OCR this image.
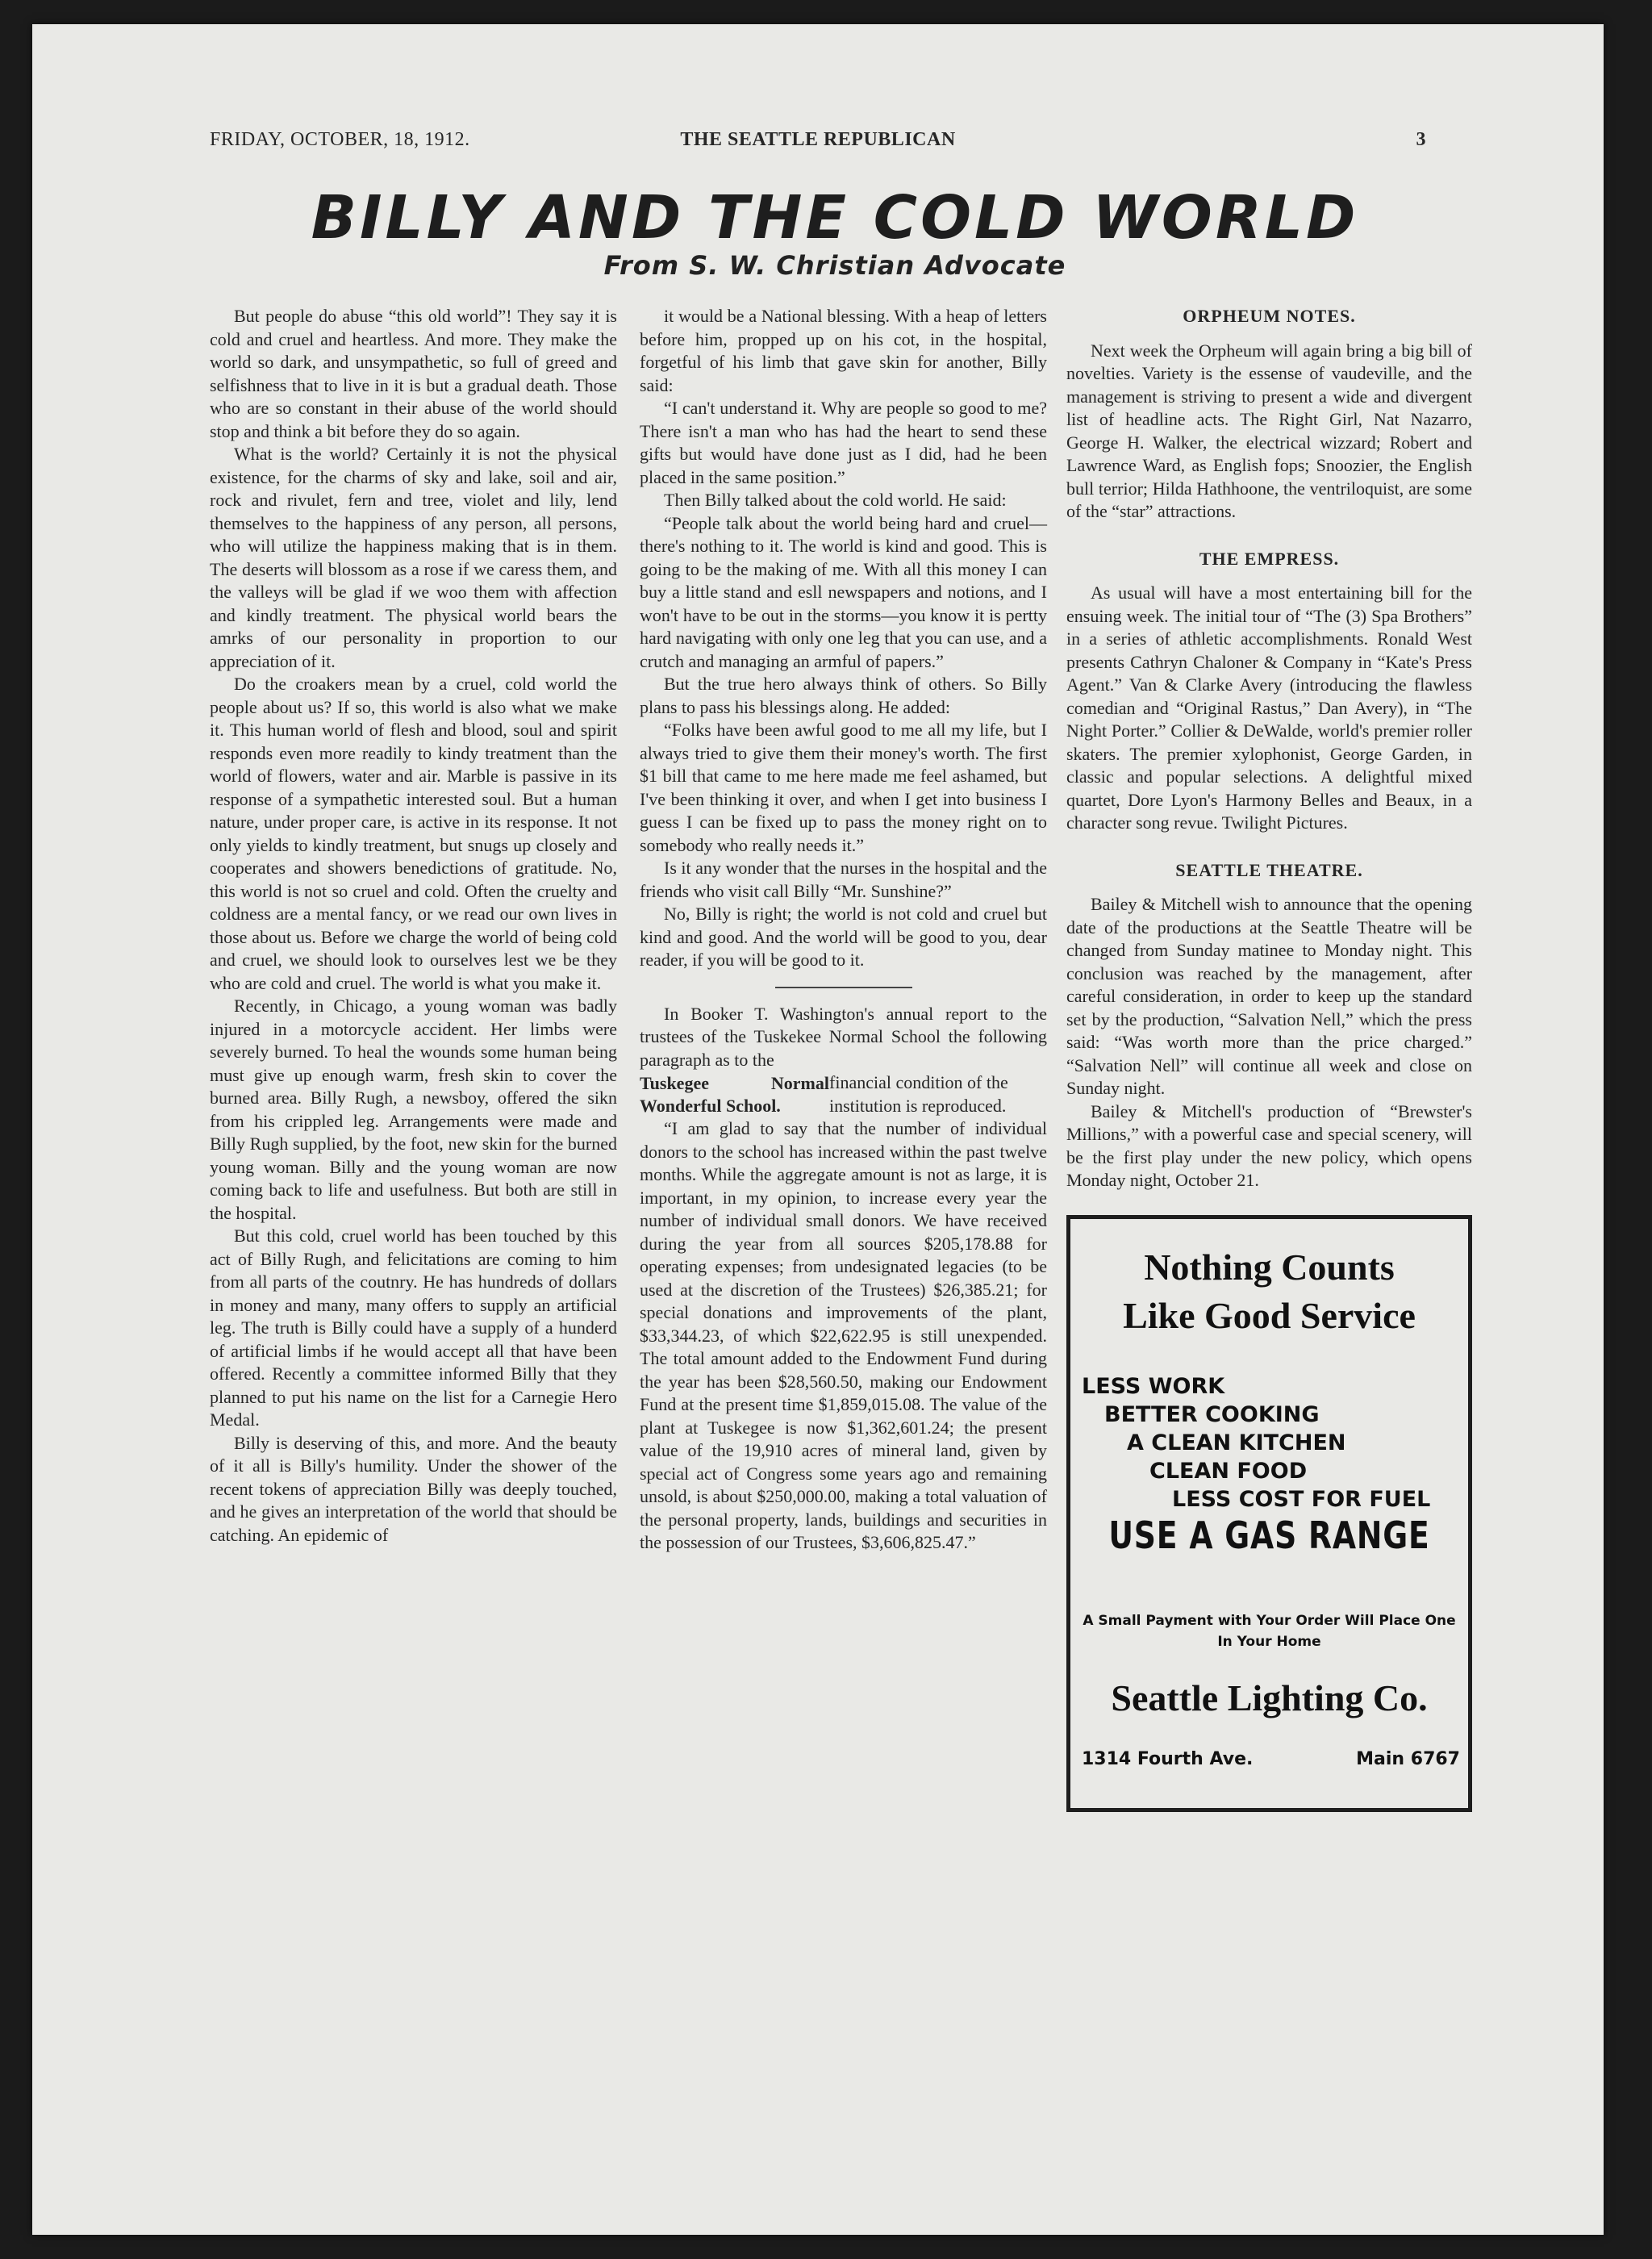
FRIDAY, OCTOBER, 18, 1912.	THE SEATTLE REPUBLICAN	3
BILLY AND THE COLD WORLD
From S. W. Christian Advocate

But people do abuse “this old world”! They say it is cold and cruel and heartless. And more. They make the world so dark, and unsympathetic, so full of greed and selfishness that to live in it is but a gradual death. Those who are so constant in their abuse of the world should stop and think a bit before they do so again.

What is the world? Certainly it is not the physical existence, for the charms of sky and lake, soil and air, rock and rivulet, fern and tree, violet and lily, lend themselves to the happiness of any person, all persons, who will utilize the happiness making that is in them. The deserts will blossom as a rose if we caress them, and the valleys will be glad if we woo them with affection and kindly treatment. The physical world bears the amrks of our personality in proportion to our appreciation of it.

Do the croakers mean by a cruel, cold world the people about us? If so, this world is also what we make it. This human world of flesh and blood, soul and spirit responds even more readily to kindy treatment than the world of flowers, water and air. Marble is passive in its response of a sympathetic interested soul. But a human nature, under proper care, is active in its response. It not only yields to kindly treatment, but snugs up closely and cooperates and showers benedictions of gratitude. No, this world is not so cruel and cold. Often the cruelty and coldness are a mental fancy, or we read our own lives in those about us. Before we charge the world of being cold and cruel, we should look to ourselves lest we be they who are cold and cruel. The world is what you make it.

Recently, in Chicago, a young woman was badly injured in a motorcycle accident. Her limbs were severely burned. To heal the wounds some human being must give up enough warm, fresh skin to cover the burned area. Billy Rugh, a newsboy, offered the sikn from his crippled leg. Arrangements were made and Billy Rugh supplied, by the foot, new skin for the burned young woman. Billy and the young woman are now coming back to life and usefulness. But both are still in the hospital.

But this cold, cruel world has been touched by this act of Billy Rugh, and felicitations are coming to him from all parts of the coutnry. He has hundreds of dollars in money and many, many offers to supply an artificial leg. The truth is Billy could have a supply of a hunderd of artificial limbs if he would accept all that have been offered. Recently a committee informed Billy that they planned to put his name on the list for a Carnegie Hero Medal.

Billy is deserving of this, and more. And the beauty of it all is Billy's humility. Under the shower of the recent tokens of appreciation Billy was deeply touched, and he gives an interpretation of the world that should be catching. An epidemic of

it would be a National blessing. With a heap of letters before him, propped up on his cot, in the hospital, forgetful of his limb that gave skin for another, Billy said:

“I can't understand it. Why are people so good to me? There isn't a man who has had the heart to send these gifts but would have done just as I did, had he been placed in the same position.”

Then Billy talked about the cold world. He said:

“People talk about the world being hard and cruel—there's nothing to it. The world is kind and good. This is going to be the making of me. With all this money I can buy a little stand and esll newspapers and notions, and I won't have to be out in the storms—you know it is pertty hard navigating with only one leg that you can use, and a crutch and managing an armful of papers.”

But the true hero always think of others. So Billy plans to pass his blessings along. He added:

“Folks have been awful good to me all my life, but I always tried to give them their money's worth. The first $1 bill that came to me here made me feel ashamed, but I've been thinking it over, and when I get into business I guess I can be fixed up to pass the money right on to somebody who really needs it.”

Is it any wonder that the nurses in the hospital and the friends who visit call Billy “Mr. Sunshine?”

No, Billy is right; the world is not cold and cruel but kind and good. And the world will be good to you, dear reader, if you will be good to it.

In Booker T. Washington's annual report to the trustees of the Tuskekee Normal School the following paragraph as to the

Tuskegee Normal Wonderful School.
financial condition of the institution is reproduced.

“I am glad to say that the number of individual donors to the school has increased within the past twelve months. While the aggregate amount is not as large, it is important, in my opinion, to increase every year the number of individual small donors. We have received during the year from all sources $205,178.88 for operating expenses; from undesignated legacies (to be used at the discretion of the Trustees) $26,385.21; for special donations and improvements of the plant, $33,344.23, of which $22,622.95 is still unexpended. The total amount added to the Endowment Fund during the year has been $28,560.50, making our Endowment Fund at the present time $1,859,015.08. The value of the plant at Tuskegee is now $1,362,601.24; the present value of the 19,910 acres of mineral land, given by special act of Congress some years ago and remaining unsold, is about $250,000.00, making a total valuation of the personal property, lands, buildings and securities in the possession of our Trustees, $3,606,825.47.”

ORPHEUM NOTES.

Next week the Orpheum will again bring a big bill of novelties. Variety is the essense of vaudeville, and the management is striving to present a wide and divergent list of headline acts. The Right Girl, Nat Nazarro, George H. Walker, the electrical wizzard; Robert and Lawrence Ward, as English fops; Snoozier, the English bull terrior; Hilda Hathhoone, the ventriloquist, are some of the “star” attractions.

THE EMPRESS.

As usual will have a most entertaining bill for the ensuing week. The initial tour of “The (3) Spa Brothers” in a series of athletic accomplishments. Ronald West presents Cathryn Chaloner & Company in “Kate's Press Agent.” Van & Clarke Avery (introducing the flawless comedian and “Original Rastus,” Dan Avery), in “The Night Porter.” Collier & DeWalde, world's premier roller skaters. The premier xylophonist, George Garden, in classic and popular selections. A delightful mixed quartet, Dore Lyon's Harmony Belles and Beaux, in a character song revue. Twilight Pictures.

SEATTLE THEATRE.

Bailey & Mitchell wish to announce that the opening date of the productions at the Seattle Theatre will be changed from Sunday matinee to Monday night. This conclusion was reached by the management, after careful consideration, in order to keep up the standard set by the production, “Salvation Nell,” which the press said: “Was worth more than the price charged.” “Salvation Nell” will continue all week and close on Sunday night.

Bailey & Mitchell's production of “Brewster's Millions,” with a powerful case and special scenery, will be the first play under the new policy, which opens Monday night, October 21.

Nothing Counts
Like Good Service
LESS WORK
BETTER COOKING
A CLEAN KITCHEN
CLEAN FOOD
LESS COST FOR FUEL
USE A GAS RANGE
A Small Payment with Your Order Will Place One In Your Home
Seattle Lighting Co.
1314 Fourth Ave.	Main 6767
